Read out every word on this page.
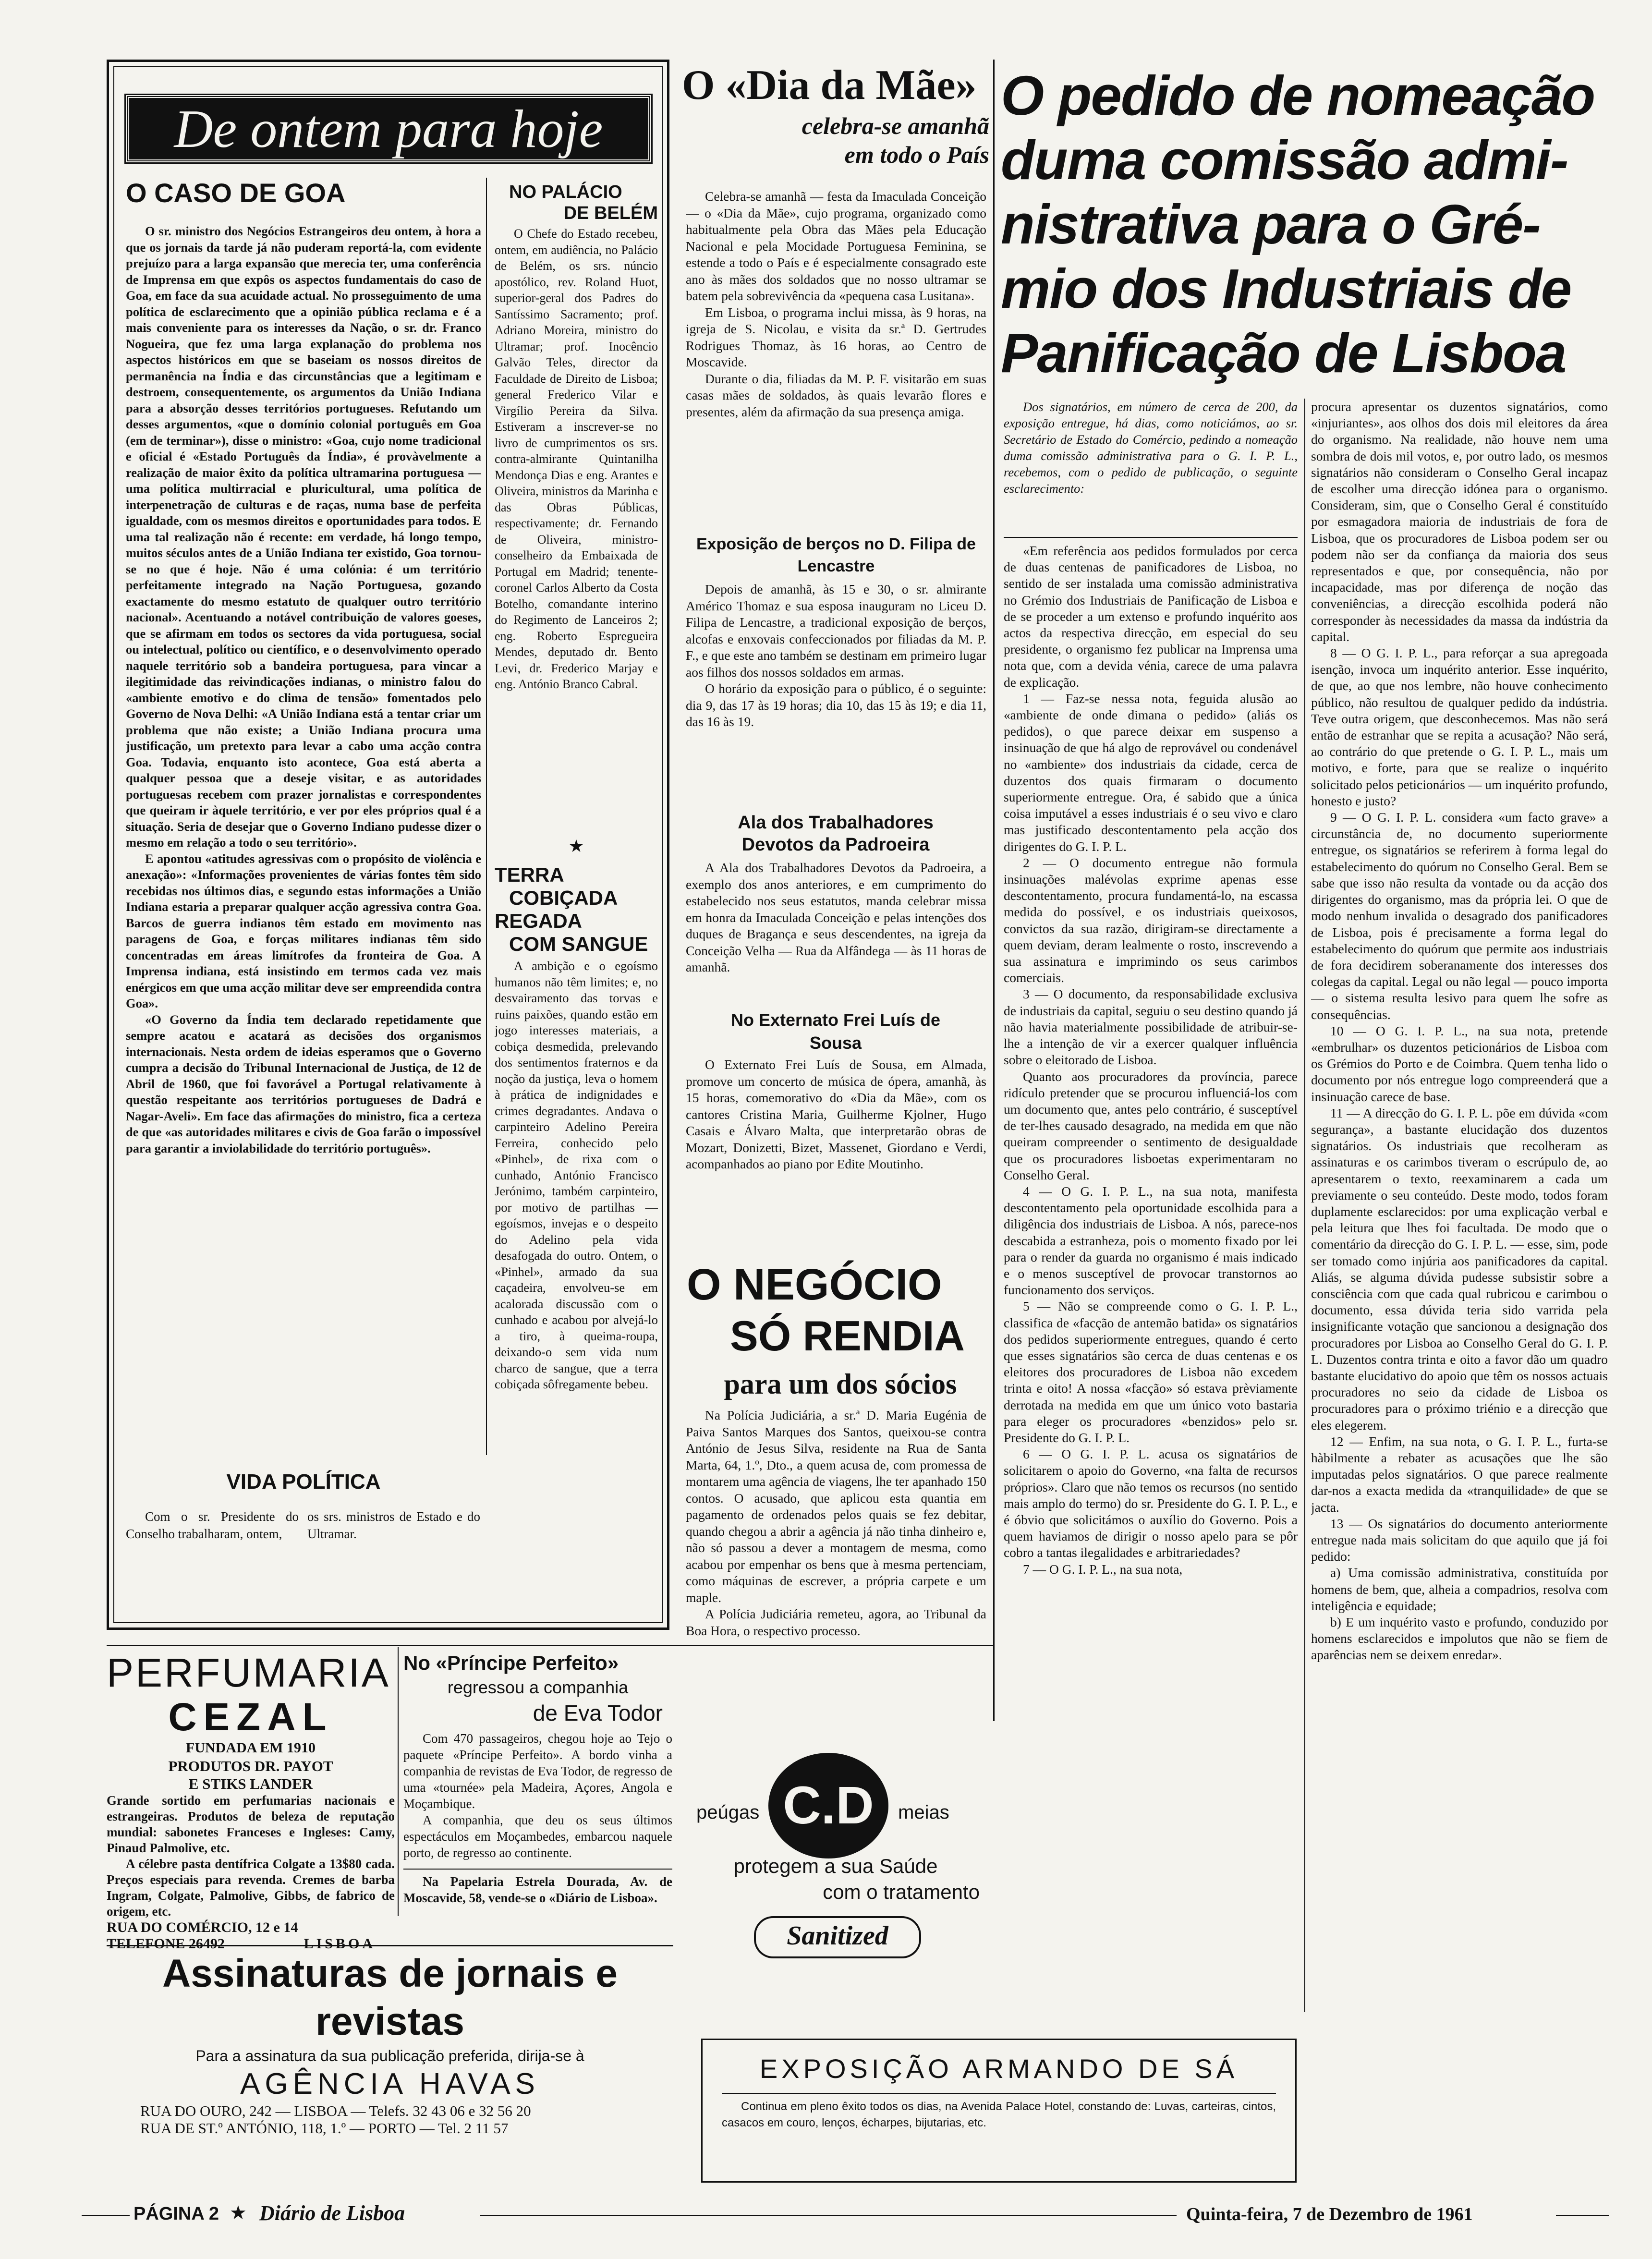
De ontem para hoje
O CASO DE GOA

O sr. ministro dos Negócios Estrangeiros deu ontem, à hora a que os jornais da tarde já não puderam reportá-la, com evidente prejuízo para a larga expansão que merecia ter, uma conferência de Imprensa em que expôs os aspectos fundamentais do caso de Goa, em face da sua acuidade actual. No prosseguimento de uma política de esclarecimento que a opinião pública reclama e é a mais conveniente para os interesses da Nação, o sr. dr. Franco Nogueira, que fez uma larga explanação do problema nos aspectos históricos em que se baseiam os nossos direitos de permanência na Índia e das circunstâncias que a legitimam e destroem, consequentemente, os argumentos da União Indiana para a absorção desses territórios portugueses. Refutando um desses argumentos, «que o domínio colonial português em Goa (em de terminar»), disse o ministro: «Goa, cujo nome tradicional e oficial é «Estado Português da Índia», é provàvelmente a realização de maior êxito da política ultramarina portuguesa — uma política multirracial e pluricultural, uma política de interpenetração de culturas e de raças, numa base de perfeita igualdade, com os mesmos direitos e oportunidades para todos. E uma tal realização não é recente: em verdade, há longo tempo, muitos séculos antes de a União Indiana ter existido, Goa tornou-se no que é hoje. Não é uma colónia: é um território perfeitamente integrado na Nação Portuguesa, gozando exactamente do mesmo estatuto de qualquer outro território nacional». Acentuando a notável contribuição de valores goeses, que se afirmam em todos os sectores da vida portuguesa, social ou intelectual, político ou científico, e o desenvolvimento operado naquele território sob a bandeira portuguesa, para vincar a ilegitimidade das reivindicações indianas, o ministro falou do «ambiente emotivo e do clima de tensão» fomentados pelo Governo de Nova Delhi: «A União Indiana está a tentar criar um problema que não existe; a União Indiana procura uma justificação, um pretexto para levar a cabo uma acção contra Goa. Todavia, enquanto isto acontece, Goa está aberta a qualquer pessoa que a deseje visitar, e as autoridades portuguesas recebem com prazer jornalistas e correspondentes que queiram ir àquele território, e ver por eles próprios qual é a situação. Seria de desejar que o Governo Indiano pudesse dizer o mesmo em relação a todo o seu território».

E apontou «atitudes agressivas com o propósito de violência e anexação»: «Informações provenientes de várias fontes têm sido recebidas nos últimos dias, e segundo estas informações a União Indiana estaria a preparar qualquer acção agressiva contra Goa. Barcos de guerra indianos têm estado em movimento nas paragens de Goa, e forças militares indianas têm sido concentradas em áreas limítrofes da fronteira de Goa. A Imprensa indiana, está insistindo em termos cada vez mais enérgicos em que uma acção militar deve ser empreendida contra Goa».

«O Governo da Índia tem declarado repetidamente que sempre acatou e acatará as decisões dos organismos internacionais. Nesta ordem de ideias esperamos que o Governo cumpra a decisão do Tribunal Internacional de Justiça, de 12 de Abril de 1960, que foi favorável a Portugal relativamente à questão respeitante aos territórios portugueses de Dadrá e Nagar-Aveli». Em face das afirmações do ministro, fica a certeza de que «as autoridades militares e civis de Goa farão o impossível para garantir a inviolabilidade do território português».

NO PALÁCIO
DE BELÉM

O Chefe do Estado recebeu, ontem, em audiência, no Palácio de Belém, os srs. núncio apostólico, rev. Roland Huot, superior-geral dos Padres do Santíssimo Sacramento; prof. Adriano Moreira, ministro do Ultramar; prof. Inocêncio Galvão Teles, director da Faculdade de Direito de Lisboa; general Frederico Vilar e Virgílio Pereira da Silva. Estiveram a inscrever-se no livro de cumprimentos os srs. contra-almirante Quintanilha Mendonça Dias e eng. Arantes e Oliveira, ministros da Marinha e das Obras Públicas, respectivamente; dr. Fernando de Oliveira, ministro-conselheiro da Embaixada de Portugal em Madrid; tenente-coronel Carlos Alberto da Costa Botelho, comandante interino do Regimento de Lanceiros 2; eng. Roberto Espregueira Mendes, deputado dr. Bento Levi, dr. Frederico Marjay e eng. António Branco Cabral.

★
TERRA
COBIÇADA
REGADA
COM SANGUE

A ambição e o egoísmo humanos não têm limites; e, no desvairamento das torvas e ruins paixões, quando estão em jogo interesses materiais, a cobiça desmedida, prelevando dos sentimentos fraternos e da noção da justiça, leva o homem à prática de indignidades e crimes degradantes. Andava o carpinteiro Adelino Pereira Ferreira, conhecido pelo «Pinhel», de rixa com o cunhado, António Francisco Jerónimo, também carpinteiro, por motivo de partilhas — egoísmos, invejas e o despeito do Adelino pela vida desafogada do outro. Ontem, o «Pinhel», armado da sua caçadeira, envolveu-se em acalorada discussão com o cunhado e acabou por alvejá-lo a tiro, à queima-roupa, deixando-o sem vida num charco de sangue, que a terra cobiçada sôfregamente bebeu.

VIDA POLÍTICA

Com o sr. Presidente do Conselho trabalharam, ontem,

os srs. ministros de Estado e do Ultramar.

O «Dia da Mãe»
celebra-se amanhã
em todo o País

Celebra-se amanhã — festa da Imaculada Conceição — o «Dia da Mãe», cujo programa, organizado como habitualmente pela Obra das Mães pela Educação Nacional e pela Mocidade Portuguesa Feminina, se estende a todo o País e é especialmente consagrado este ano às mães dos soldados que no nosso ultramar se batem pela sobrevivência da «pequena casa Lusitana».

Em Lisboa, o programa inclui missa, às 9 horas, na igreja de S. Nicolau, e visita da sr.ª D. Gertrudes Rodrigues Thomaz, às 16 horas, ao Centro de Moscavide.

Durante o dia, filiadas da M. P. F. visitarão em suas casas mães de soldados, às quais levarão flores e presentes, além da afirmação da sua presença amiga.

Exposição de berços no D. Filipa de Lencastre

Depois de amanhã, às 15 e 30, o sr. almirante Américo Thomaz e sua esposa inauguram no Liceu D. Filipa de Lencastre, a tradicional exposição de berços, alcofas e enxovais confeccionados por filiadas da M. P. F., e que este ano também se destinam em primeiro lugar aos filhos dos nossos soldados em armas.

O horário da exposição para o público, é o seguinte: dia 9, das 17 às 19 horas; dia 10, das 15 às 19; e dia 11, das 16 às 19.

Ala dos Trabalhadores Devotos da Padroeira

A Ala dos Trabalhadores Devotos da Padroeira, a exemplo dos anos anteriores, e em cumprimento do estabelecido nos seus estatutos, manda celebrar missa em honra da Imaculada Conceição e pelas intenções dos duques de Bragança e seus descendentes, na igreja da Conceição Velha — Rua da Alfândega — às 11 horas de amanhã.

No Externato Frei Luís de Sousa

O Externato Frei Luís de Sousa, em Almada, promove um concerto de música de ópera, amanhã, às 15 horas, comemorativo do «Dia da Mãe», com os cantores Cristina Maria, Guilherme Kjolner, Hugo Casais e Álvaro Malta, que interpretarão obras de Mozart, Donizetti, Bizet, Massenet, Giordano e Verdi, acompanhados ao piano por Edite Moutinho.

O NEGÓCIO
SÓ RENDIA
para um dos sócios

Na Polícia Judiciária, a sr.ª D. Maria Eugénia de Paiva Santos Marques dos Santos, queixou-se contra António de Jesus Silva, residente na Rua de Santa Marta, 64, 1.º, Dto., a quem acusa de, com promessa de montarem uma agência de viagens, lhe ter apanhado 150 contos. O acusado, que aplicou esta quantia em pagamento de ordenados pelos quais se fez debitar, quando chegou a abrir a agência já não tinha dinheiro e, não só passou a dever a montagem de mesma, como acabou por empenhar os bens que à mesma pertenciam, como máquinas de escrever, a própria carpete e um maple.

A Polícia Judiciária remeteu, agora, ao Tribunal da Boa Hora, o respectivo processo.

O pedido de nomeação
duma comissão admi-
nistrativa para o Gré-
mio dos Industriais de
Panificação de Lisboa

Dos signatários, em número de cerca de 200, da exposição entregue, há dias, como noticiámos, ao sr. Secretário de Estado do Comércio, pedindo a nomeação duma comissão administrativa para o G. I. P. L., recebemos, com o pedido de publicação, o seguinte esclarecimento:

«Em referência aos pedidos formulados por cerca de duas centenas de panificadores de Lisboa, no sentido de ser instalada uma comissão administrativa no Grémio dos Industriais de Panificação de Lisboa e de se proceder a um extenso e profundo inquérito aos actos da respectiva direcção, em especial do seu presidente, o organismo fez publicar na Imprensa uma nota que, com a devida vénia, carece de uma palavra de explicação.

1 — Faz-se nessa nota, feguida alusão ao «ambiente de onde dimana o pedido» (aliás os pedidos), o que parece deixar em suspenso a insinuação de que há algo de reprovável ou condenável no «ambiente» dos industriais da cidade, cerca de duzentos dos quais firmaram o documento superiormente entregue. Ora, é sabido que a única coisa imputável a esses industriais é o seu vivo e claro mas justificado descontentamento pela acção dos dirigentes do G. I. P. L.

2 — O documento entregue não formula insinuações malévolas exprime apenas esse descontentamento, procura fundamentá-lo, na escassa medida do possível, e os industriais queixosos, convictos da sua razão, dirigiram-se directamente a quem deviam, deram lealmente o rosto, inscrevendo a sua assinatura e imprimindo os seus carimbos comerciais.

3 — O documento, da responsabilidade exclusiva de industriais da capital, seguiu o seu destino quando já não havia materialmente possibilidade de atribuir-se-lhe a intenção de vir a exercer qualquer influência sobre o eleitorado de Lisboa.

Quanto aos procuradores da província, parece ridículo pretender que se procurou influenciá-los com um documento que, antes pelo contrário, é susceptível de ter-lhes causado desagrado, na medida em que não queiram compreender o sentimento de desigualdade que os procuradores lisboetas experimentaram no Conselho Geral.

4 — O G. I. P. L., na sua nota, manifesta descontentamento pela oportunidade escolhida para a diligência dos industriais de Lisboa. A nós, parece-nos descabida a estranheza, pois o momento fixado por lei para o render da guarda no organismo é mais indicado e o menos susceptível de provocar transtornos ao funcionamento dos serviços.

5 — Não se compreende como o G. I. P. L., classifica de «facção de antemão batida» os signatários dos pedidos superiormente entregues, quando é certo que esses signatários são cerca de duas centenas e os eleitores dos procuradores de Lisboa não excedem trinta e oito! A nossa «facção» só estava prèviamente derrotada na medida em que um único voto bastaria para eleger os procuradores «benzidos» pelo sr. Presidente do G. I. P. L.

6 — O G. I. P. L. acusa os signatários de solicitarem o apoio do Governo, «na falta de recursos próprios». Claro que não temos os recursos (no sentido mais amplo do termo) do sr. Presidente do G. I. P. L., e é óbvio que solicitámos o auxílio do Governo. Pois a quem haviamos de dirigir o nosso apelo para se pôr cobro a tantas ilegalidades e arbitrariedades?

7 — O G. I. P. L., na sua nota,

procura apresentar os duzentos signatários, como «injuriantes», aos olhos dos dois mil eleitores da área do organismo. Na realidade, não houve nem uma sombra de dois mil votos, e, por outro lado, os mesmos signatários não consideram o Conselho Geral incapaz de escolher uma direcção idónea para o organismo. Consideram, sim, que o Conselho Geral é constituído por esmagadora maioria de industriais de fora de Lisboa, que os procuradores de Lisboa podem ser ou podem não ser da confiança da maioria dos seus representados e que, por consequência, não por incapacidade, mas por diferença de noção das conveniências, a direcção escolhida poderá não corresponder às necessidades da massa da indústria da capital.

8 — O G. I. P. L., para reforçar a sua apregoada isenção, invoca um inquérito anterior. Esse inquérito, de que, ao que nos lembre, não houve conhecimento público, não resultou de qualquer pedido da indústria. Teve outra origem, que desconhecemos. Mas não será então de estranhar que se repita a acusação? Não será, ao contrário do que pretende o G. I. P. L., mais um motivo, e forte, para que se realize o inquérito solicitado pelos peticionários — um inquérito profundo, honesto e justo?

9 — O G. I. P. L. considera «um facto grave» a circunstância de, no documento superiormente entregue, os signatários se referirem à forma legal do estabelecimento do quórum no Conselho Geral. Bem se sabe que isso não resulta da vontade ou da acção dos dirigentes do organismo, mas da própria lei. O que de modo nenhum invalida o desagrado dos panificadores de Lisboa, pois é precisamente a forma legal do estabelecimento do quórum que permite aos industriais de fora decidirem soberanamente dos interesses dos colegas da capital. Legal ou não legal — pouco importa — o sistema resulta lesivo para quem lhe sofre as consequências.

10 — O G. I. P. L., na sua nota, pretende «embrulhar» os duzentos peticionários de Lisboa com os Grémios do Porto e de Coimbra. Quem tenha lido o documento por nós entregue logo compreenderá que a insinuação carece de base.

11 — A direcção do G. I. P. L. põe em dúvida «com segurança», a bastante elucidação dos duzentos signatários. Os industriais que recolheram as assinaturas e os carimbos tiveram o escrúpulo de, ao apresentarem o texto, reexaminarem a cada um previamente o seu conteúdo. Deste modo, todos foram duplamente esclarecidos: por uma explicação verbal e pela leitura que lhes foi facultada. De modo que o comentário da direcção do G. I. P. L. — esse, sim, pode ser tomado como injúria aos panificadores da capital. Aliás, se alguma dúvida pudesse subsistir sobre a consciência com que cada qual rubricou e carimbou o documento, essa dúvida teria sido varrida pela insignificante votação que sancionou a designação dos procuradores por Lisboa ao Conselho Geral do G. I. P. L. Duzentos contra trinta e oito a favor dão um quadro bastante elucidativo do apoio que têm os nossos actuais procuradores no seio da cidade de Lisboa os procuradores para o próximo triénio e a direcção que eles elegerem.

12 — Enfim, na sua nota, o G. I. P. L., furta-se hàbilmente a rebater as acusações que lhe são imputadas pelos signatários. O que parece realmente dar-nos a exacta medida da «tranquilidade» de que se jacta.

13 — Os signatários do documento anteriormente entregue nada mais solicitam do que aquilo que já foi pedido:

a) Uma comissão administrativa, constituída por homens de bem, que, alheia a compadrios, resolva com inteligência e equidade;

b) E um inquérito vasto e profundo, conduzido por homens esclarecidos e impolutos que não se fiem de aparências nem se deixem enredar».

PERFUMARIA
CEZAL
FUNDADA EM 1910
PRODUTOS DR. PAYOT
E STIKS LANDER

Grande sortido em perfumarias nacionais e estrangeiras. Produtos de beleza de reputação mundial: sabonetes Franceses e Ingleses: Camy, Pinaud Palmolive, etc.

A célebre pasta dentífrica Colgate a 13$80 cada. Preços especiais para revenda. Cremes de barba Ingram, Colgate, Palmolive, Gibbs, de fabrico de origem, etc.

RUA DO COMÉRCIO, 12 e 14
TELEFONE 26492	LISBOA
No «Príncipe Perfeito»
regressou a companhia
de Eva Todor

Com 470 passageiros, chegou hoje ao Tejo o paquete «Príncipe Perfeito». A bordo vinha a companhia de revistas de Eva Todor, de regresso de uma «tournée» pela Madeira, Açores, Angola e Moçambique.

A companhia, que deu os seus últimos espectáculos em Moçambedes, embarcou naquele porto, de regresso ao continente.

Na Papelaria Estrela Dourada, Av. de Moscavide, 58, vende-se o «Diário de Lisboa».

Assinaturas de jornais e revistas
Para a assinatura da sua publicação preferida, dirija-se à
AGÊNCIA HAVAS
RUA DO OURO, 242 — LISBOA — Telefs. 32 43 06 e 32 56 20
RUA DE ST.º ANTÓNIO, 118, 1.º — PORTO — Tel. 2 11 57
C.D
peúgas	meias
protegem a sua Saúde
com o tratamento
Sanitized
EXPOSIÇÃO ARMANDO DE SÁ

Continua em pleno êxito todos os dias, na Avenida Palace Hotel, constando de: Luvas, carteiras, cintos, casacos em couro, lenços, écharpes, bijutarias, etc.

PÁGINA 2 ★ Diário de Lisboa	Quinta-feira, 7 de Dezembro de 1961
